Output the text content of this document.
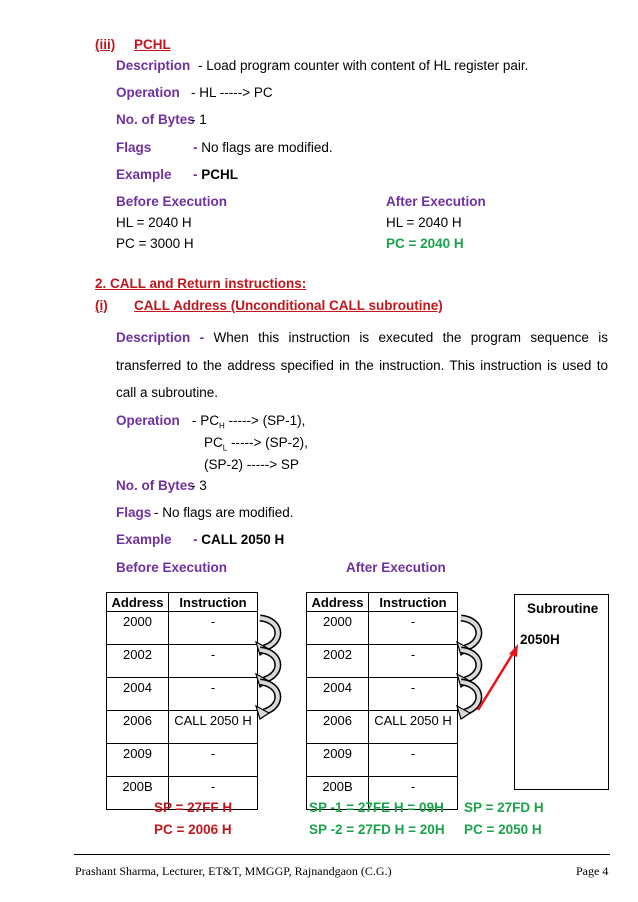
(iii) PCHL
Description - Load program counter with content of HL register pair.
Operation - HL -----> PC
No. of Bytes
- 1
Flags	- No flags are modified.
Example - PCHL
Before Execution	After Execution
HL = 2040 H	HL = 2040 H
PC = 3000 H	PC = 2040 H
2. CALL and Return instructions:
(i) CALL Address (Unconditional CALL subroutine)
Description - When this instruction is executed the program sequence is
transferred to the address specified in the instruction. This instruction is used to
call a subroutine.
Operation - $PC_H$ -----> (SP-1),
$PC_L$ -----> (SP-2),
(SP-2) -----> SP
No. of Bytes
- 3
Flags - No flags are modified.
Example - CALL 2050 H
Before Execution	After Execution
Address	Instruction
2000	-
2002	-
2004	-
2006	CALL 2050 H
2009	-
200B	-
Address	Instruction
2000	-
2002	-
2004	-
2006	CALL 2050 H
2009	-
200B	-
Subroutine
2050H
SP = 27FF H
PC = 2006 H
SP -1 = 27FE H = 09H
SP -2 = 27FD H = 20H
SP = 27FD H
PC = 2050 H
Prashant Sharma, Lecturer, ET&T, MMGGP, Rajnandgaon (C.G.)	Page 4
